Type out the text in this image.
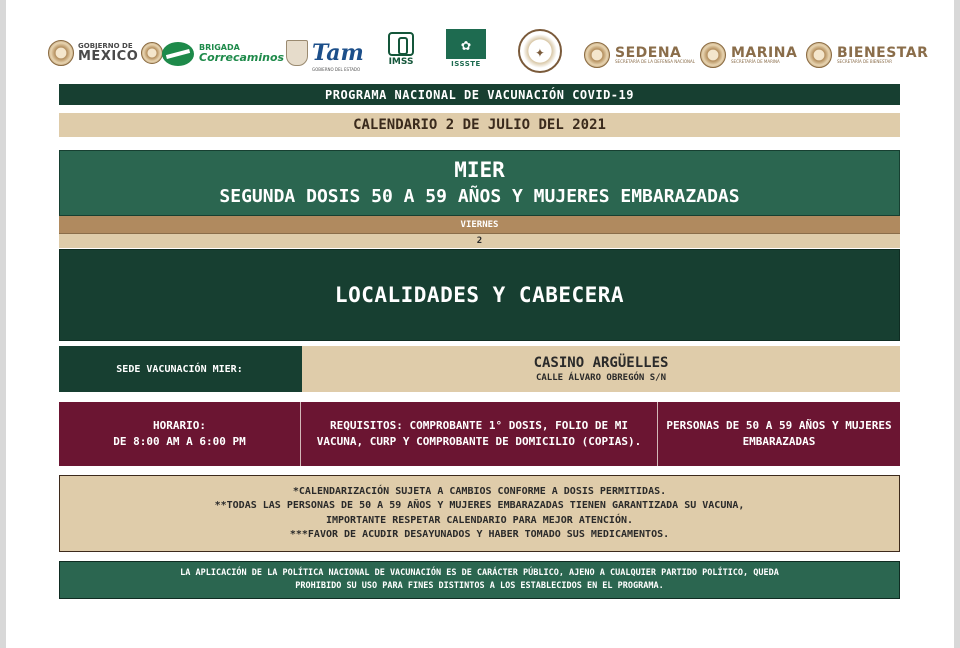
GOBIERNO DE
MÉXICO
BRIGADA
Correcaminos Tam
GOBIERNO DEL ESTADO
IMSS
✿
ISSSTE
✦	SEDENA
SECRETARÍA DE LA DEFENSA NACIONAL
MARINA
SECRETARÍA DE MARINA
BIENESTAR
SECRETARÍA DE BIENESTAR
PROGRAMA NACIONAL DE VACUNACIÓN COVID-19
CALENDARIO 2 DE JULIO DEL 2021
MIER
SEGUNDA DOSIS 50 A 59 AÑOS Y MUJERES EMBARAZADAS
VIERNES
2
LOCALIDADES Y CABECERA
SEDE VACUNACIÓN MIER:	CASINO ARGÜELLES
CALLE ÁLVARO OBREGÓN S/N
HORARIO:
DE 8:00 AM A 6:00 PM
REQUISITOS: COMPROBANTE 1° DOSIS, FOLIO DE MI VACUNA, CURP Y COMPROBANTE DE DOMICILIO (COPIAS).
PERSONAS DE 50 A 59 AÑOS Y MUJERES EMBARAZADAS
*CALENDARIZACIÓN SUJETA A CAMBIOS CONFORME A DOSIS PERMITIDAS.
**TODAS LAS PERSONAS DE 50 A 59 AÑOS Y MUJERES EMBARAZADAS TIENEN GARANTIZADA SU VACUNA,
IMPORTANTE RESPETAR CALENDARIO PARA MEJOR ATENCIÓN.
***FAVOR DE ACUDIR DESAYUNADOS Y HABER TOMADO SUS MEDICAMENTOS.
LA APLICACIÓN DE LA POLÍTICA NACIONAL DE VACUNACIÓN ES DE CARÁCTER PÚBLICO, AJENO A CUALQUIER PARTIDO POLÍTICO, QUEDA
PROHIBIDO SU USO PARA FINES DISTINTOS A LOS ESTABLECIDOS EN EL PROGRAMA.
